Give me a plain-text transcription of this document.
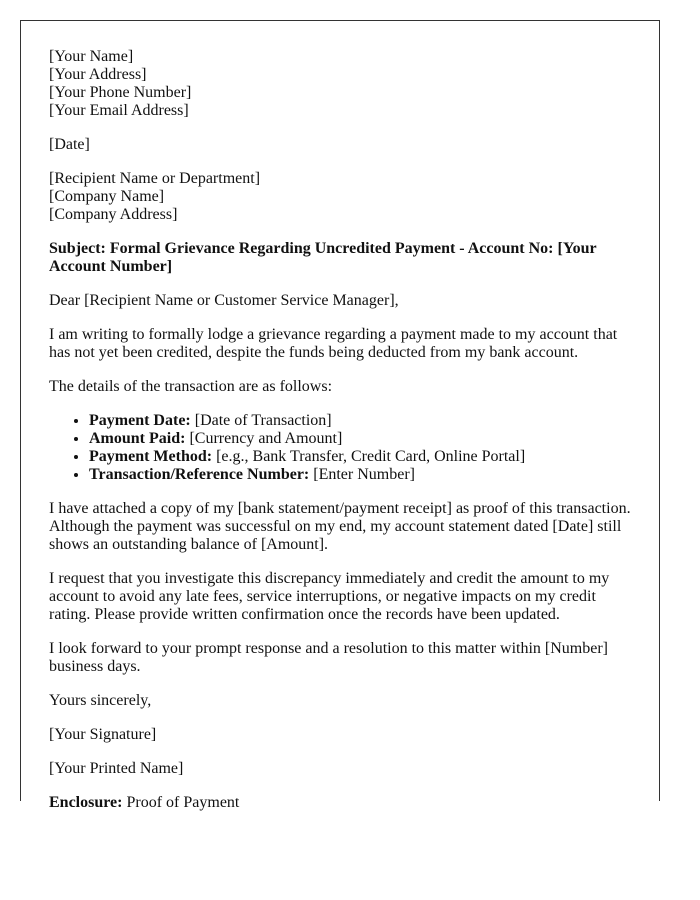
[Your Name]
[Your Address]
[Your Phone Number]
[Your Email Address]

[Date]

[Recipient Name or Department]
[Company Name]
[Company Address]

Subject: Formal Grievance Regarding Uncredited Payment - Account No: [Your Account Number]

Dear [Recipient Name or Customer Service Manager],

I am writing to formally lodge a grievance regarding a payment made to my account that has not yet been credited, despite the funds being deducted from my bank account.

The details of the transaction are as follows:

• Payment Date: [Date of Transaction]
• Amount Paid: [Currency and Amount]
• Payment Method: [e.g., Bank Transfer, Credit Card, Online Portal]
• Transaction/Reference Number: [Enter Number]

I have attached a copy of my [bank statement/payment receipt] as proof of this transaction. Although the payment was successful on my end, my account statement dated [Date] still shows an outstanding balance of [Amount].

I request that you investigate this discrepancy immediately and credit the amount to my account to avoid any late fees, service interruptions, or negative impacts on my credit rating. Please provide written confirmation once the records have been updated.

I look forward to your prompt response and a resolution to this matter within [Number] business days.

Yours sincerely,

[Your Signature]

[Your Printed Name]

Enclosure: Proof of Payment
